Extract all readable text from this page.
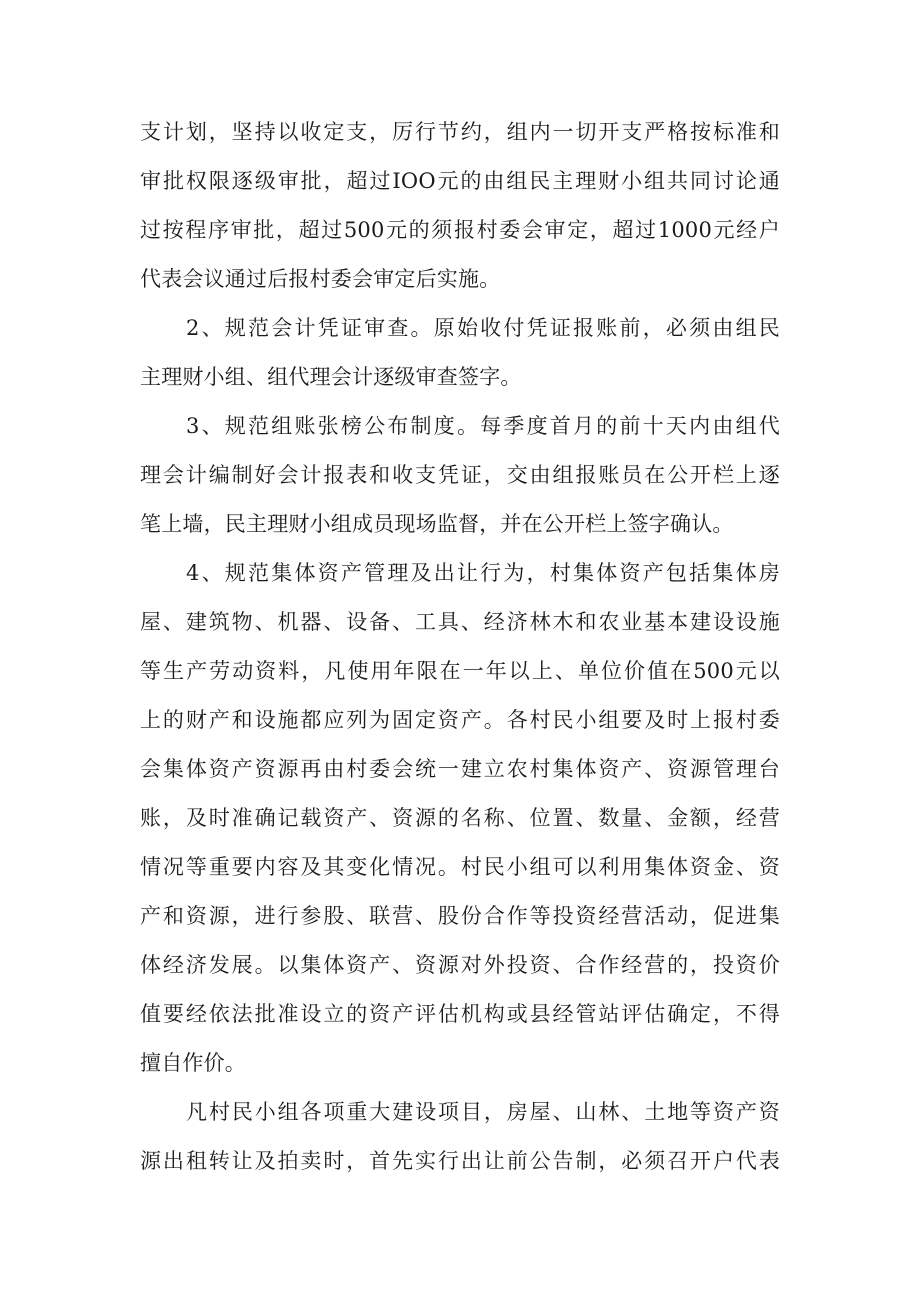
支计划，坚持以收定支，厉行节约，组内一切开支严格按标准和
审批权限逐级审批，超过IOO元的由组民主理财小组共同讨论通
过按程序审批，超过500元的须报村委会审定，超过1000元经户
代表会议通过后报村委会审定后实施。
2、规范会计凭证审查。原始收付凭证报账前，必须由组民
主理财小组、组代理会计逐级审查签字。
3、规范组账张榜公布制度。每季度首月的前十天内由组代
理会计编制好会计报表和收支凭证，交由组报账员在公开栏上逐
笔上墙，民主理财小组成员现场监督，并在公开栏上签字确认。
4、规范集体资产管理及出让行为，村集体资产包括集体房
屋、建筑物、机器、设备、工具、经济林木和农业基本建设设施
等生产劳动资料，凡使用年限在一年以上、单位价值在500元以
上的财产和设施都应列为固定资产。各村民小组要及时上报村委
会集体资产资源再由村委会统一建立农村集体资产、资源管理台
账，及时准确记载资产、资源的名称、位置、数量、金额，经营
情况等重要内容及其变化情况。村民小组可以利用集体资金、资
产和资源，进行参股、联营、股份合作等投资经营活动，促进集
体经济发展。以集体资产、资源对外投资、合作经营的，投资价
值要经依法批准设立的资产评估机构或县经管站评估确定，不得
擅自作价。
凡村民小组各项重大建设项目，房屋、山林、土地等资产资
源出租转让及拍卖时，首先实行出让前公告制，必须召开户代表
